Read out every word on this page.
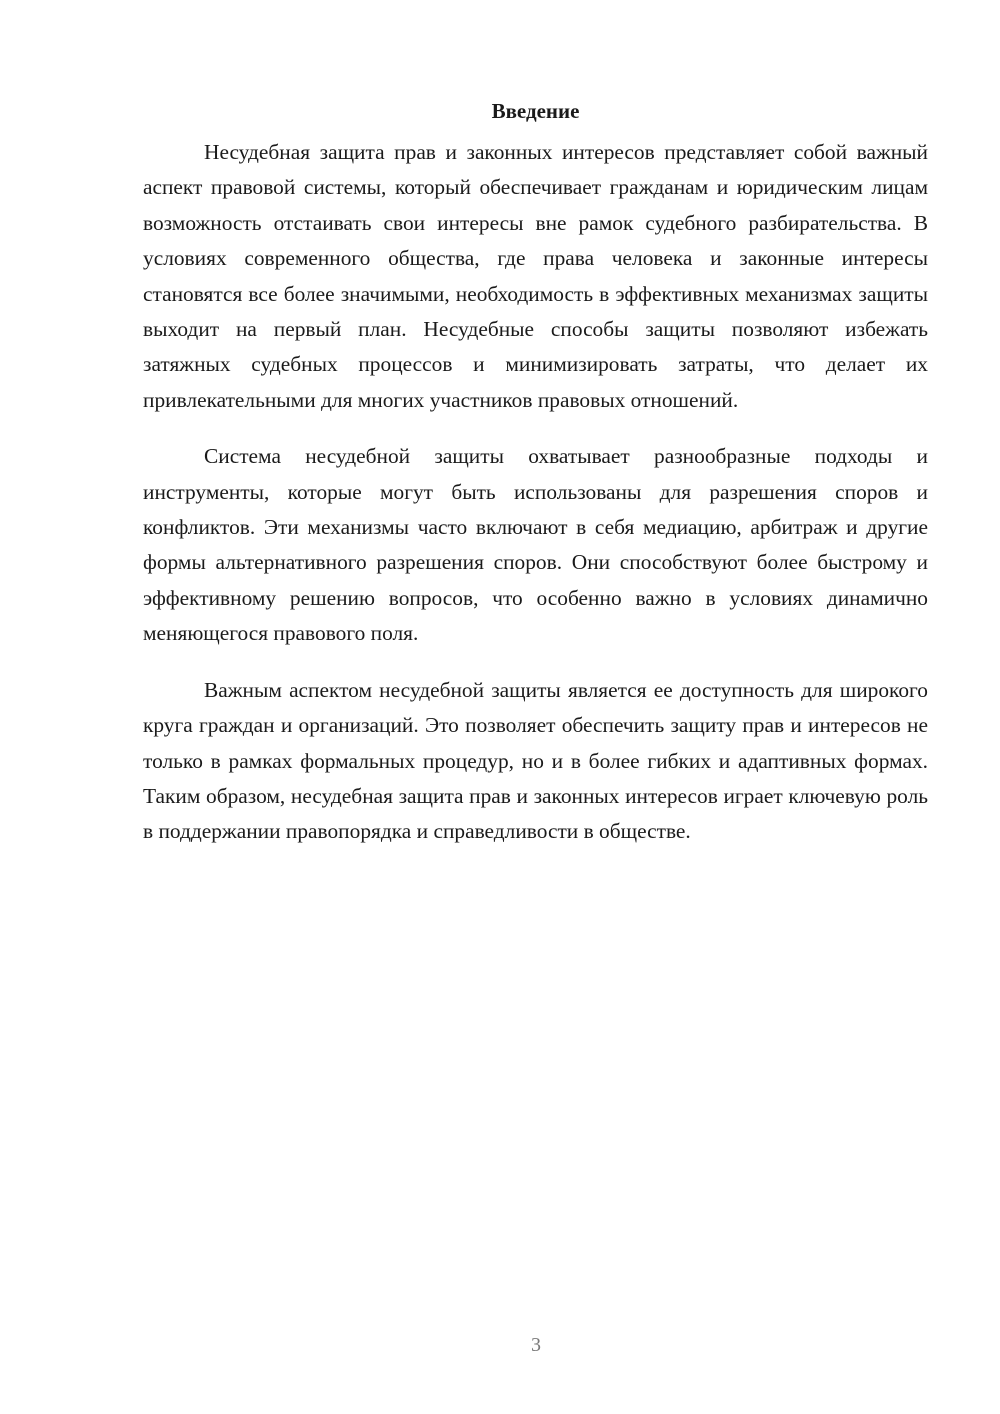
Введение

Несудебная защита прав и законных интересов представляет собой важный аспект правовой системы, который обеспечивает гражданам и юридическим лицам возможность отстаивать свои интересы вне рамок судебного разбирательства. В условиях современного общества, где права человека и законные интересы становятся все более значимыми, необходимость в эффективных механизмах защиты выходит на первый план. Несудебные способы защиты позволяют избежать затяжных судебных процессов и минимизировать затраты, что делает их привлекательными для многих участников правовых отношений.

Система несудебной защиты охватывает разнообразные подходы и инструменты, которые могут быть использованы для разрешения споров и конфликтов. Эти механизмы часто включают в себя медиацию, арбитраж и другие формы альтернативного разрешения споров. Они способствуют более быстрому и эффективному решению вопросов, что особенно важно в условиях динамично меняющегося правового поля.

Важным аспектом несудебной защиты является ее доступность для широкого круга граждан и организаций. Это позволяет обеспечить защиту прав и интересов не только в рамках формальных процедур, но и в более гибких и адаптивных формах. Таким образом, несудебная защита прав и законных интересов играет ключевую роль в поддержании правопорядка и справедливости в обществе.

3
